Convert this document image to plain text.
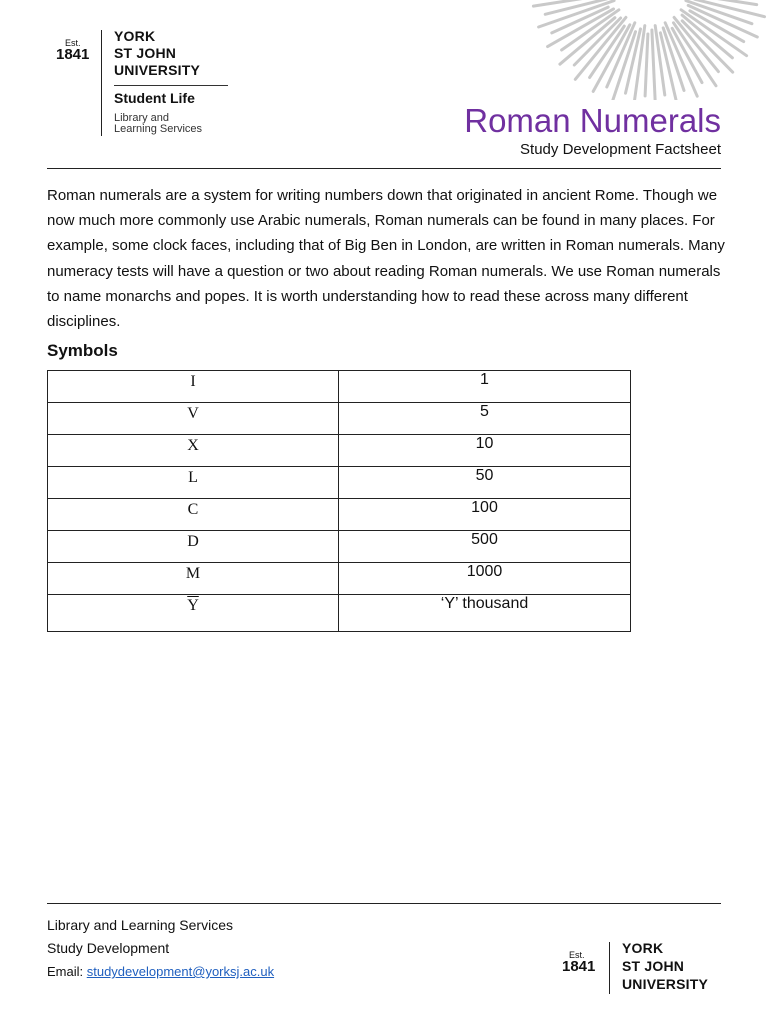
Est.
1841
YORK
ST JOHN
UNIVERSITY
Student Life
Library and
Learning Services	Roman Numerals
Study Development Factsheet
Roman numerals are a system for writing numbers down that originated in ancient Rome. Though we now much more commonly use Arabic numerals, Roman numerals can be found in many places. For example, some clock faces, including that of Big Ben in London, are written in Roman numerals. Many numeracy tests will have a question or two about reading Roman numerals. We use Roman numerals to name monarchs and popes. It is worth understanding how to read these across many different disciplines.
Symbols
I	1
V	5
X	10
L	50
C	100
D	500
M	1000
$\overline{Y}$	‘Y’ thousand
Library and Learning Services
Study Development
Email: studydevelopment@yorksj.ac.uk
Est.
1841
YORK
ST JOHN
UNIVERSITY
